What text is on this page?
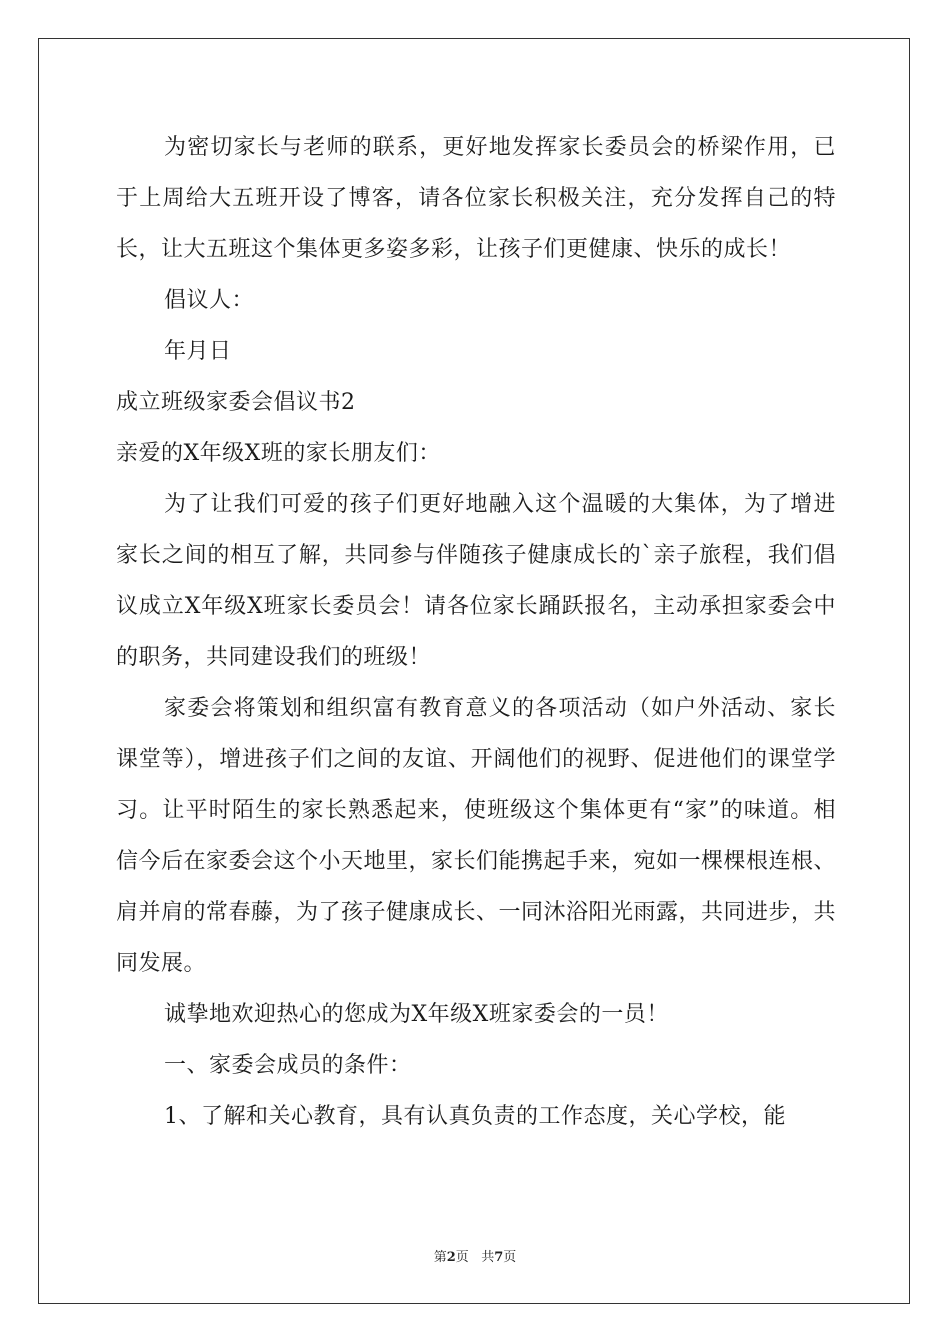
为密切家长与老师的联系，更好地发挥家长委员会的桥梁作用，已于上周给大五班开设了博客，请各位家长积极关注，充分发挥自己的特长，让大五班这个集体更多姿多彩，让孩子们更健康、快乐的成长！

倡议人：

年月日

成立班级家委会倡议书2

亲爱的X年级X班的家长朋友们：

为了让我们可爱的孩子们更好地融入这个温暖的大集体，为了增进家长之间的相互了解，共同参与伴随孩子健康成长的`亲子旅程，我们倡议成立X年级X班家长委员会！请各位家长踊跃报名，主动承担家委会中的职务，共同建设我们的班级！

家委会将策划和组织富有教育意义的各项活动（如户外活动、家长课堂等），增进孩子们之间的友谊、开阔他们的视野、促进他们的课堂学习。让平时陌生的家长熟悉起来，使班级这个集体更有“家”的味道。相信今后在家委会这个小天地里，家长们能携起手来，宛如一棵棵根连根、肩并肩的常春藤，为了孩子健康成长、一同沐浴阳光雨露，共同进步，共同发展。

诚挚地欢迎热心的您成为X年级X班家委会的一员！

一、家委会成员的条件：

1、了解和关心教育，具有认真负责的工作态度，关心学校，能

第2页 共7页
